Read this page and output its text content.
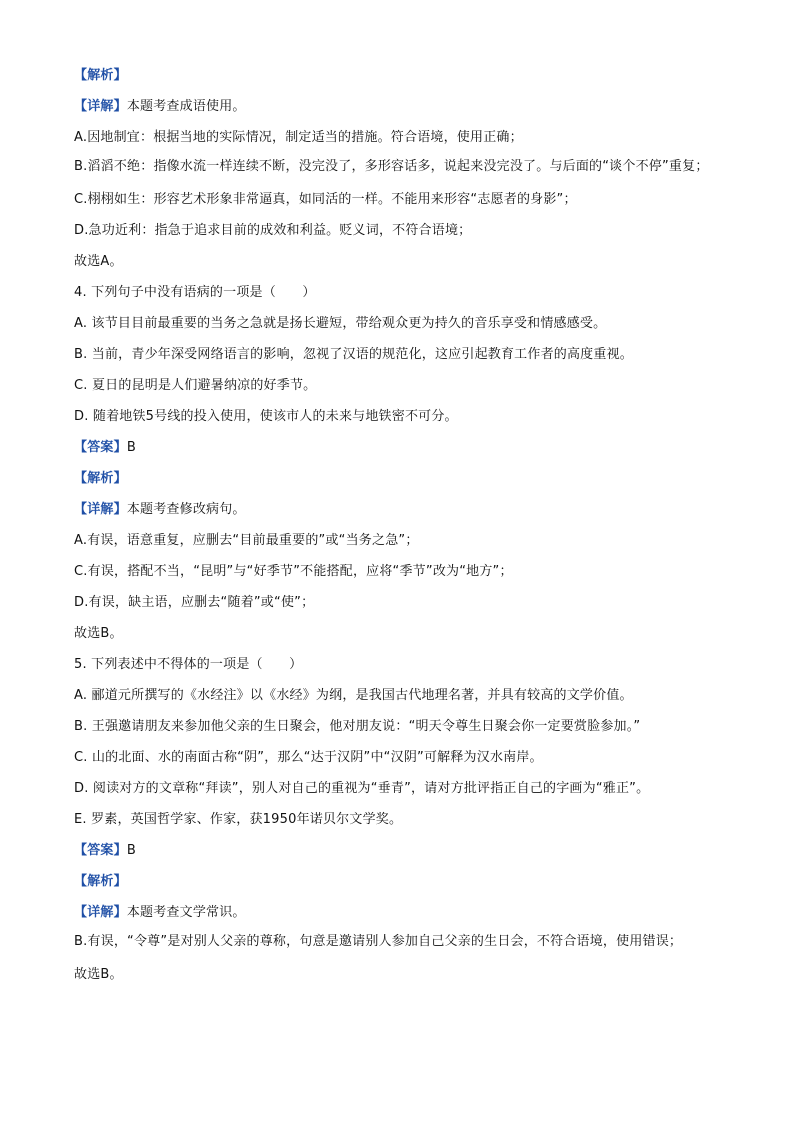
【解析】
【详解】本题考查成语使用。
A.因地制宜：根据当地的实际情况，制定适当的措施。符合语境，使用正确；
B.滔滔不绝：指像水流一样连续不断，没完没了，多形容话多，说起来没完没了。与后面的“谈个不停”重复；
C.栩栩如生：形容艺术形象非常逼真，如同活的一样。不能用来形容“志愿者的身影”；
D.急功近利：指急于追求目前的成效和利益。贬义词，不符合语境；
故选A。
4. 下列句子中没有语病的一项是（　　）
A. 该节目目前最重要的当务之急就是扬长避短，带给观众更为持久的音乐享受和情感感受。
B. 当前，青少年深受网络语言的影响，忽视了汉语的规范化，这应引起教育工作者的高度重视。
C. 夏日的昆明是人们避暑纳凉的好季节。
D. 随着地铁5号线的投入使用，使该市人的未来与地铁密不可分。
【答案】B
【解析】
【详解】本题考查修改病句。
A.有误，语意重复，应删去“目前最重要的”或“当务之急”；
C.有误，搭配不当，“昆明”与“好季节”不能搭配，应将“季节”改为“地方”；
D.有误，缺主语，应删去“随着”或“使”；
故选B。
5. 下列表述中不得体的一项是（　　）
A. 郦道元所撰写的《水经注》以《水经》为纲，是我国古代地理名著，并具有较高的文学价值。
B. 王强邀请朋友来参加他父亲的生日聚会，他对朋友说：“明天令尊生日聚会你一定要赏脸参加。”
C. 山的北面、水的南面古称“阴”，那么“达于汉阴”中“汉阴”可解释为汉水南岸。
D. 阅读对方的文章称“拜读”，别人对自己的重视为“垂青”，请对方批评指正自己的字画为“雅正”。
E. 罗素，英国哲学家、作家，获1950年诺贝尔文学奖。
【答案】B
【解析】
【详解】本题考查文学常识。
B.有误，“令尊”是对别人父亲的尊称，句意是邀请别人参加自己父亲的生日会，不符合语境，使用错误；
故选B。
